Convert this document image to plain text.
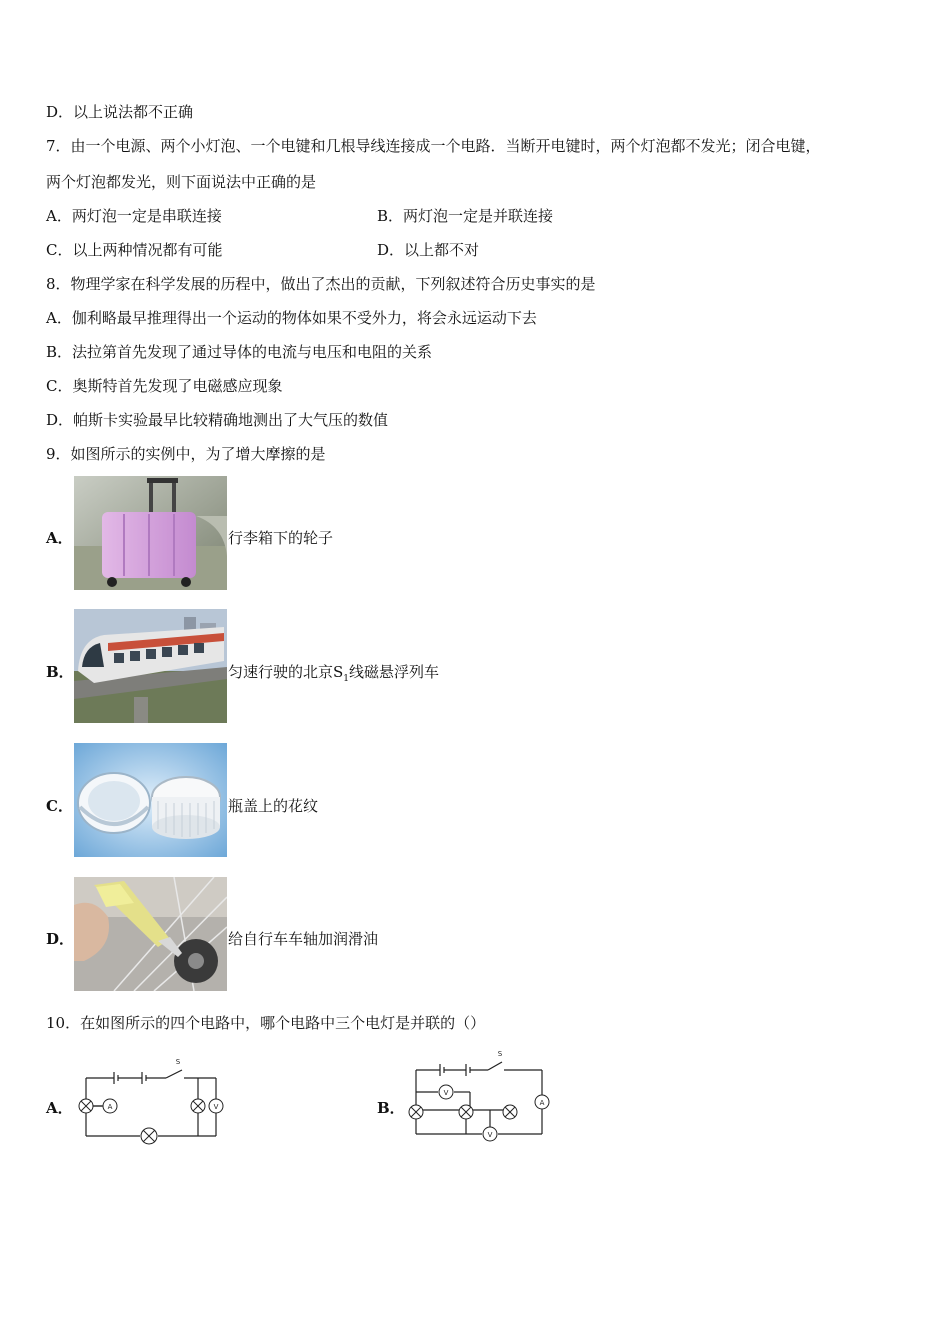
D．以上说法都不正确
7．由一个电源、两个小灯泡、一个电键和几根导线连接成一个电路．当断开电键时，两个灯泡都不发光；闭合电键，
两个灯泡都发光，则下面说法中正确的是
A．两灯泡一定是串联连接	B．两灯泡一定是并联连接
C．以上两种情况都有可能	D．以上都不对
8．物理学家在科学发展的历程中，做出了杰出的贡献，下列叙述符合历史事实的是
A．伽利略最早推理得出一个运动的物体如果不受外力，将会永远运动下去
B．法拉第首先发现了通过导体的电流与电压和电阻的关系
C．奥斯特首先发现了电磁感应现象
D．帕斯卡实验最早比较精确地测出了大气压的数值
9．如图所示的实例中，为了增大摩擦的是
A．	行李箱下的轮子
B．	匀速行驶的北京$S_1$线磁悬浮列车
C．	瓶盖上的花纹
D．	给自行车车轴加润滑油
10．在如图所示的四个电路中，哪个电路中三个电灯是并联的（）
A．	A	V
S
B．
V
A
V
S
